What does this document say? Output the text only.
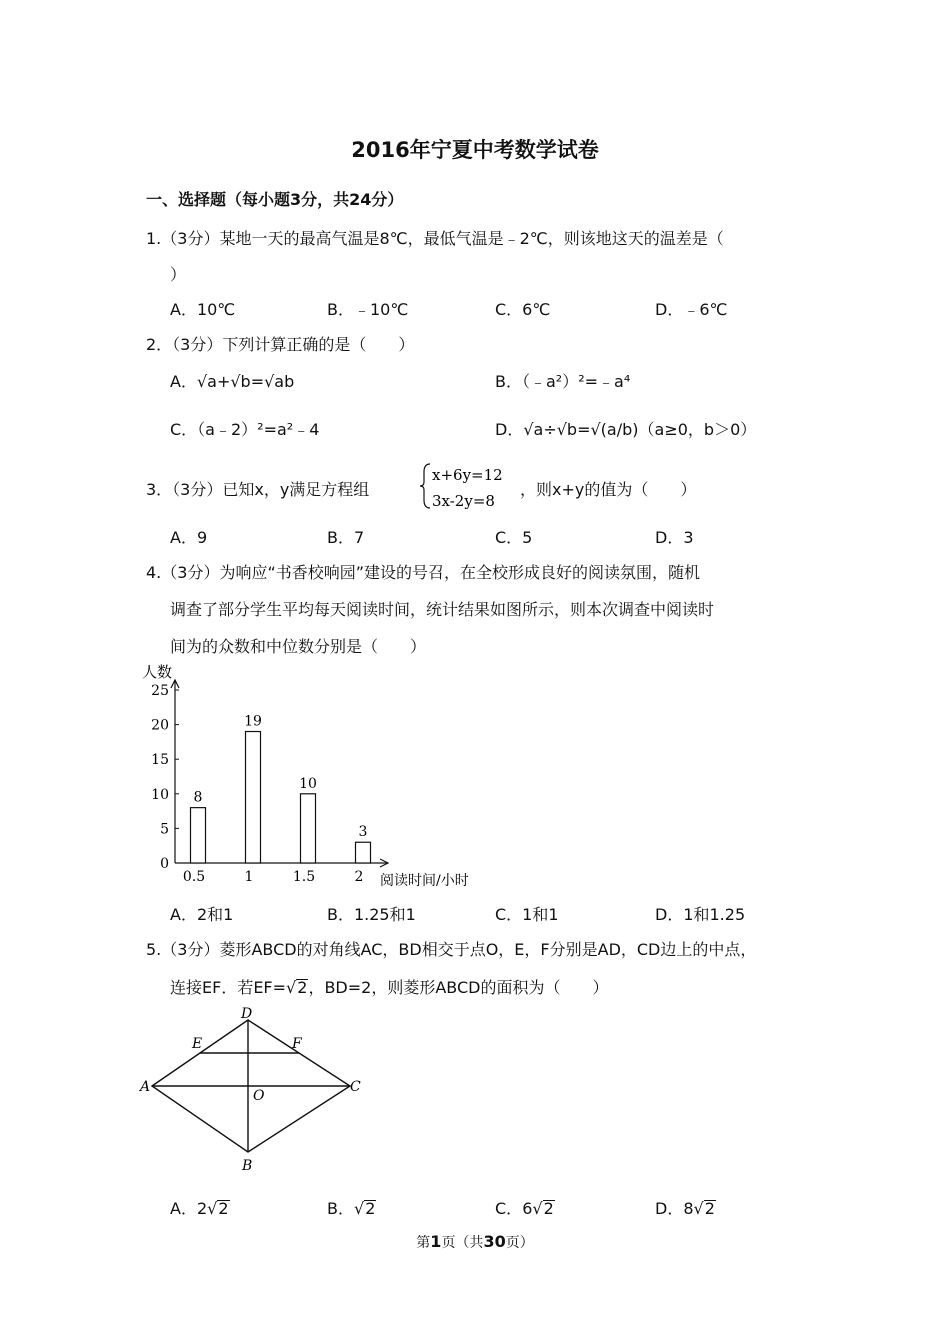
2016年宁夏中考数学试卷
一、选择题（每小题3分，共24分）
1.（3分）某地一天的最高气温是8℃，最低气温是﹣2℃，则该地这天的温差是（
）
A．10℃	B．﹣10℃	C．6℃	D．﹣6℃
2．（3分）下列计算正确的是（　　）
A．√a+√b=√ab	B．（﹣a²）²=﹣a⁴
C．（a﹣2）²=a²﹣4	D．√a÷√b=√(a/b)（a≥0，b＞0）
3．（3分）已知x，y满足方程组
x+6y=12
3x-2y=8
，则x+y的值为（　　）
A．9	B．7	C．5	D．3
4.（3分）为响应“书香校响园”建设的号召，在全校形成良好的阅读氛围，随机
调查了部分学生平均每天阅读时间，统计结果如图所示，则本次调查中阅读时
间为的众数和中位数分别是（　　）
人数
0
5
10
15
20
25
8
0.5
19
1
10
1.5
3
2 阅读时间/小时
A．2和1	B．1.25和1	C．1和1	D．1和1.25
5.（3分）菱形ABCD的对角线AC，BD相交于点O，E，F分别是AD，CD边上的中点，
连接EF．若EF=√2，BD=2，则菱形ABCD的面积为（　　）
A
B
C
D
E	F
O
A．2√2	B．√2	C．6√2	D．8√2
第1页（共30页）
